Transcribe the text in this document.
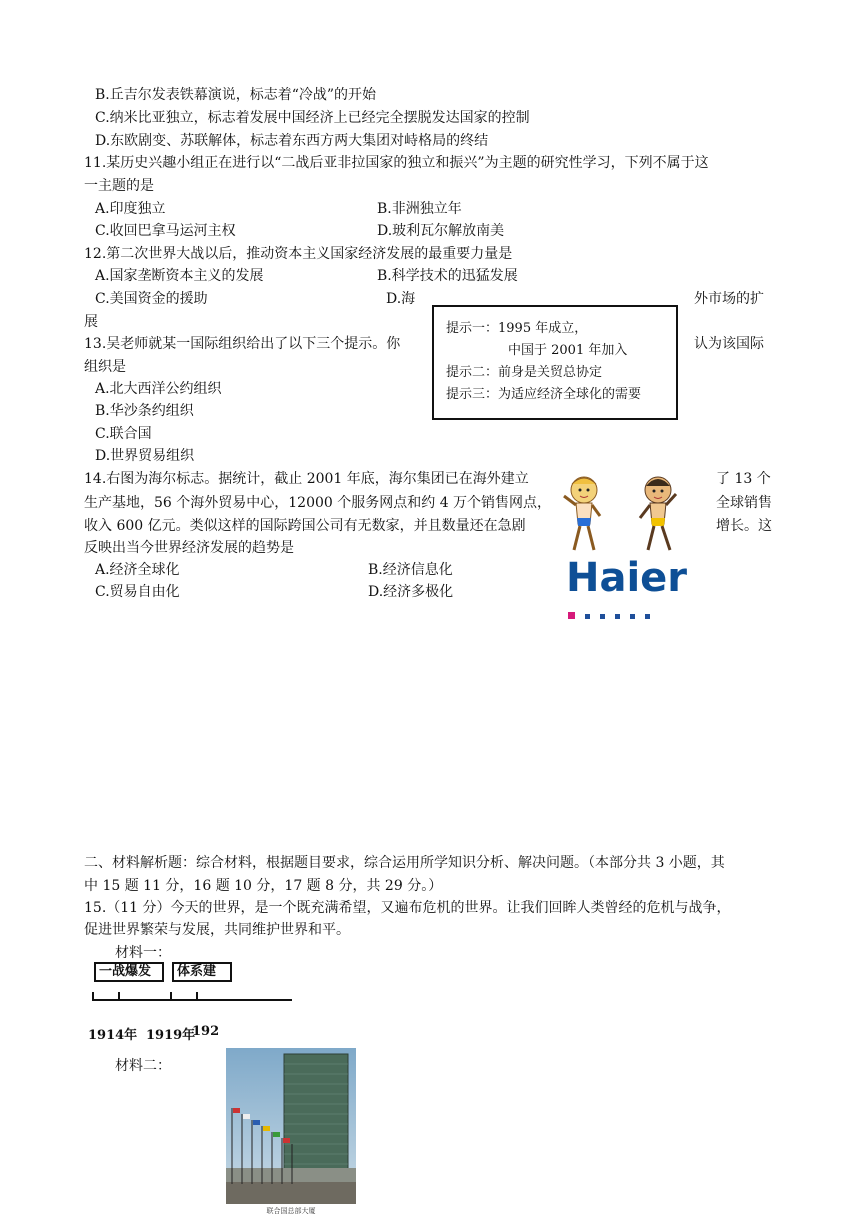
B.丘吉尔发表铁幕演说，标志着“冷战”的开始
C.纳米比亚独立，标志着发展中国经济上已经完全摆脱发达国家的控制
D.东欧剧变、苏联解体，标志着东西方两大集团对峙格局的终结
11.某历史兴趣小组正在进行以“二战后亚非拉国家的独立和振兴”为主题的研究性学习，下列不属于这
一主题的是
A.印度独立	B.非洲独立年
C.收回巴拿马运河主权	D.玻利瓦尔解放南美
12.第二次世界大战以后，推动资本主义国家经济发展的最重要力量是
A.国家垄断资本主义的发展	B.科学技术的迅猛发展
C.美国资金的援助	D.海	外市场的扩
展
13.吴老师就某一国际组织给出了以下三个提示。你	认为该国际
组织是
A.北大西洋公约组织
B.华沙条约组织
C.联合国
D.世界贸易组织
提示一：1995 年成立，
中国于 2001 年加入
提示二：前身是关贸总协定
提示三：为适应经济全球化的需要
14.右图为海尔标志。据统计，截止 2001 年底，海尔集团已在海外建立	了 13 个
生产基地，56 个海外贸易中心，12000 个服务网点和约 4 万个销售网点，	全球销售
收入 600 亿元。类似这样的国际跨国公司有无数家，并且数量还在急剧	增长。这
反映出当今世界经济发展的趋势是
A.经济全球化	B.经济信息化
C.贸易自由化	D.经济多极化	Haier
二、材料解析题：综合材料，根据题目要求，综合运用所学知识分析、解决问题。（本部分共 3 小题，其
中 15 题 11 分，16 题 10 分，17 题 8 分，共 29 分。）
15.（11 分）今天的世界，是一个既充满希望，又遍布危机的世界。让我们回眸人类曾经的危机与战争，
促进世界繁荣与发展，共同维护世界和平。
材料一：
一战爆发	体系建
1914年 1919年
192
材料二：
联合国总部大厦
